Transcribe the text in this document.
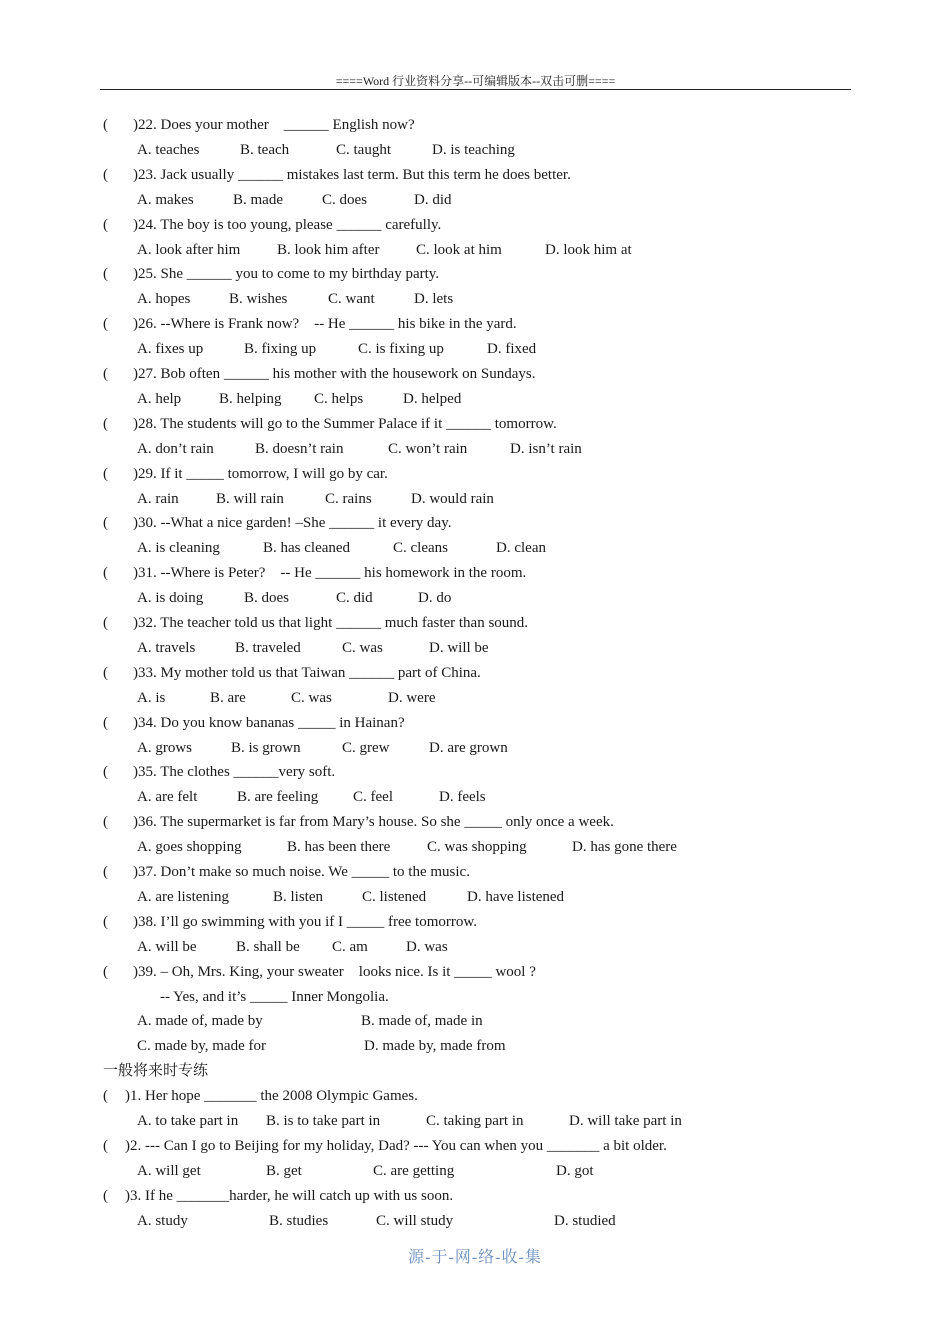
====Word 行业资料分享--可编辑版本--双击可删====
( )22. Does your mother    ______ English now?
A. teaches	B. teach	C. taught	D. is teaching
( )23. Jack usually ______ mistakes last term. But this term he does better.
A. makes	B. made	C. does	D. did
( )24. The boy is too young, please ______ carefully.
A. look after him B. look him after C. look at him	D. look him at
( )25. She ______ you to come to my birthday party.
A. hopes	B. wishes	C. want	D. lets
( )26. --Where is Frank now?    -- He ______ his bike in the yard.
A. fixes up	B. fixing up	C. is fixing up	D. fixed
( )27. Bob often ______ his mother with the housework on Sundays.
A. help	B. helping C. helps	D. helped
( )28. The students will go to the Summer Palace if it ______ tomorrow.
A. don’t rain	B. doesn’t rain	C. won’t rain	D. isn’t rain
( )29. If it _____ tomorrow, I will go by car.
A. rain B. will rain	C. rains	D. would rain
( )30. --What a nice garden! –She ______ it every day.
A. is cleaning	B. has cleaned	C. cleans	D. clean
( )31. --Where is Peter?    -- He ______ his homework in the room.
A. is doing	B. does	C. did	D. do
( )32. The teacher told us that light ______ much faster than sound.
A. travels	B. traveled	C. was	D. will be
( )33. My mother told us that Taiwan ______ part of China.
A. is	B. are	C. was	D. were
( )34. Do you know bananas _____ in Hainan?
A. grows	B. is grown	C. grew	D. are grown
( )35. The clothes ______very soft.
A. are felt	B. are feeling C. feel	D. feels
( )36. The supermarket is far from Mary’s house. So she _____ only once a week.
A. goes shopping	B. has been there C. was shopping	D. has gone there
( )37. Don’t make so much noise. We _____ to the music.
A. are listening	B. listen	C. listened	D. have listened
( )38. I’ll go swimming with you if I _____ free tomorrow.
A. will be	B. shall be C. am	D. was
( )39. – Oh, Mrs. King, your sweater    looks nice. Is it _____ wool ?
-- Yes, and it’s _____ Inner Mongolia.
A. made of, made by	B. made of, made in
C. made by, made for	D. made by, made from
一般将来时专练
( )1. Her hope _______ the 2008 Olympic Games.
A. to take part in B. is to take part in	C. taking part in	D. will take part in
( )2. --- Can I go to Beijing for my holiday, Dad? --- You can when you _______ a bit older.
A. will get	B. get	C. are getting	D. got
( )3. If he _______harder, he will catch up with us soon.
A. study	B. studies	C. will study	D. studied
源-于-网-络-收-集
